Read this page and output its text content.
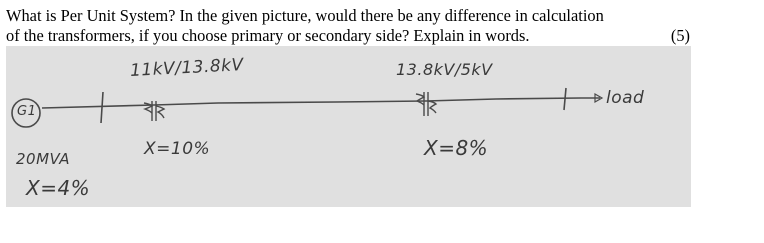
What is Per Unit System? In the given picture, would there be any difference in calculation
of the transformers, if you choose primary or secondary side? Explain in words.	(5)
G1
11kV/13.8kV
X=10%
13.8kV/5kV
X=8%
load
20MVA
X=4%
